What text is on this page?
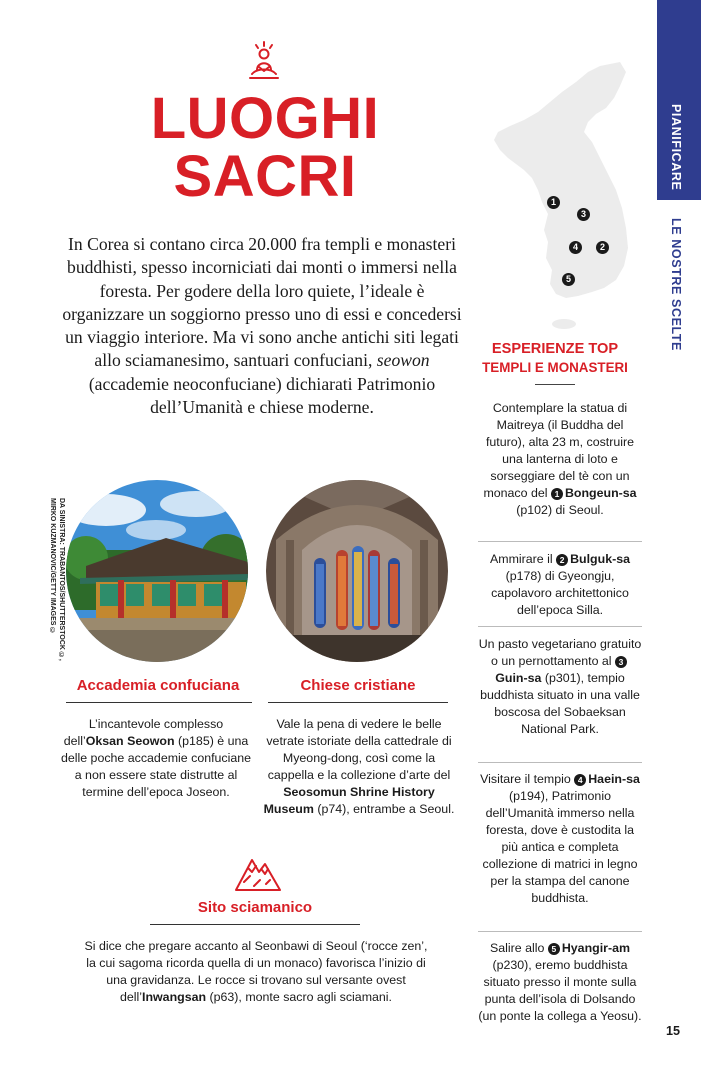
PIANIFICARE
LE NOSTRE SCELTE
LUOGHI
SACRI

In Corea si contano circa 20.000 fra templi e monasteri buddhisti, spesso incorniciati dai monti o immersi nella foresta. Per godere della loro quiete, l’ideale è organizzare un soggiorno presso uno di essi e concedersi un viaggio interiore. Ma vi sono anche antichi siti legati allo sciamanesimo, santuari confuciani, seowon (accademie neoconfuciane) dichiarati Patrimonio dell’Umanità e chiese moderne.

DA SINISTRA: TRABANTOS/SHUTTERSTOCK ©,
MIRKO KUZMANOVIC/GETTY IMAGES ©
Accademia confuciana

L’incantevole complesso dell’Oksan Seowon (p185) è una delle poche accademie confuciane a non essere state distrutte al termine dell’epoca Joseon.

Chiese cristiane

Vale la pena di vedere le belle vetrate istoriate della cattedrale di Myeong-dong, così come la cappella e la collezione d’arte del Seosomun Shrine History Museum (p74), entrambe a Seoul.

Sito sciamanico

Si dice che pregare accanto al Seonbawi di Seoul (‘rocce zen’, la cui sagoma ricorda quella di un monaco) favorisca l’inizio di una gravidanza. Le rocce si trovano sul versante ovest dell’Inwangsan (p63), monte sacro agli sciamani.

1
2
3
4
5
ESPERIENZE TOP
TEMPLI E MONASTERI

Contemplare la statua di Maitreya (il Buddha del futuro), alta 23 m, costruire una lanterna di loto e sorseggiare del tè con un monaco del 1 Bongeun-sa (p102) di Seoul.

Ammirare il 2 Bulguk-sa (p178) di Gyeongju, capolavoro architettonico dell’epoca Silla.

Un pasto vegetariano gratuito o un pernottamento al 3Guin-sa (p301), tempio buddhista situato in una valle boscosa del Sobaeksan National Park.

Visitare il tempio 4 Haein-sa (p194), Patrimonio dell’Umanità immerso nella foresta, dove è custodita la più antica e completa collezione di matrici in legno per la stampa del canone buddhista.

Salire allo 5 Hyangir-am (p230), eremo buddhista situato presso il monte sulla punta dell’isola di Dolsando (un ponte la collega a Yeosu).

15
